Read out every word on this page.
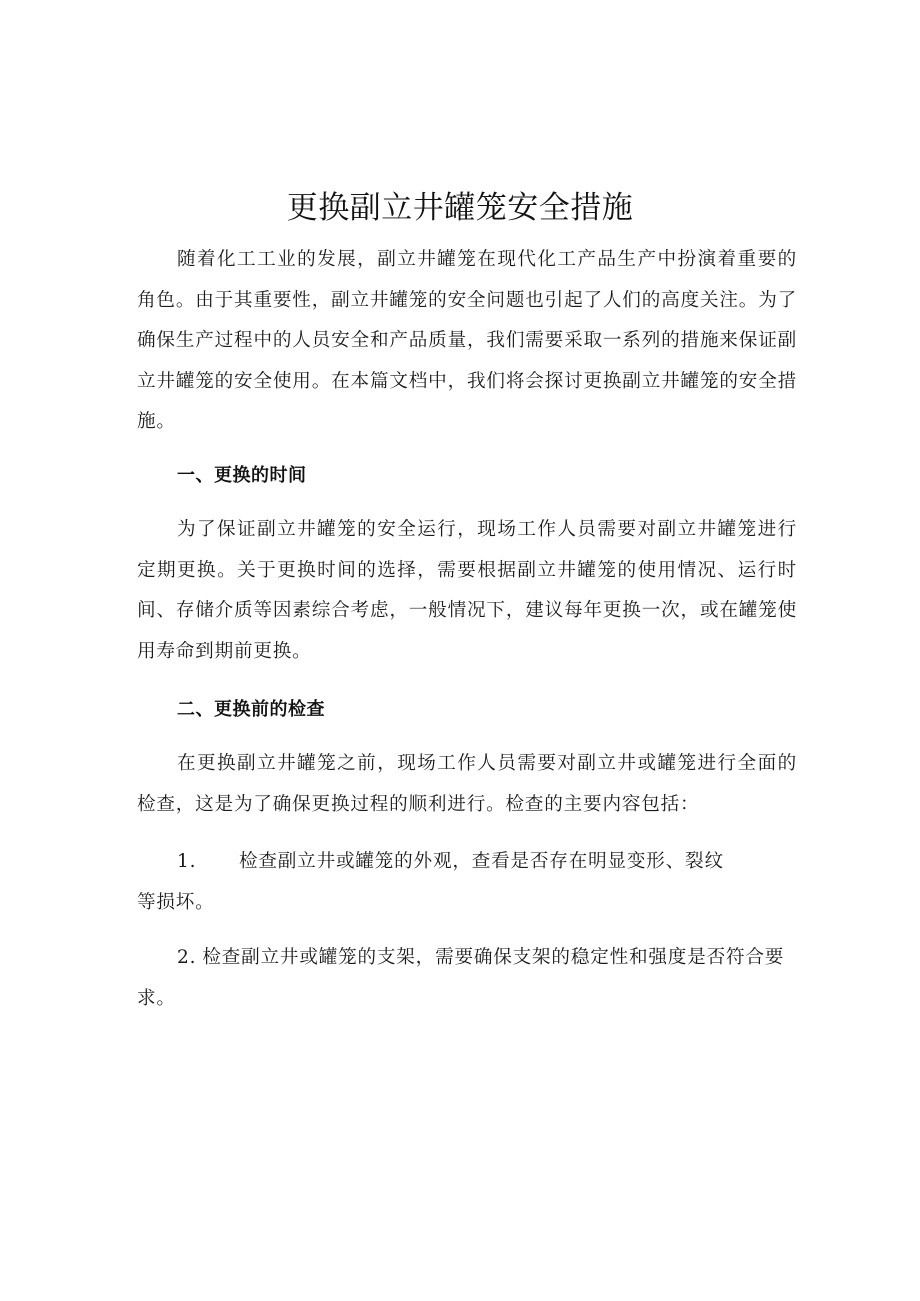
更换副立井罐笼安全措施

随着化工工业的发展，副立井罐笼在现代化工产品生产中扮演着重要的角色。由于其重要性，副立井罐笼的安全问题也引起了人们的高度关注。为了确保生产过程中的人员安全和产品质量，我们需要采取一系列的措施来保证副立井罐笼的安全使用。在本篇文档中，我们将会探讨更换副立井罐笼的安全措施。

一、更换的时间

为了保证副立井罐笼的安全运行，现场工作人员需要对副立井罐笼进行定期更换。关于更换时间的选择，需要根据副立井罐笼的使用情况、运行时间、存储介质等因素综合考虑，一般情况下，建议每年更换一次，或在罐笼使用寿命到期前更换。

二、更换前的检查

在更换副立井罐笼之前，现场工作人员需要对副立井或罐笼进行全面的检查，这是为了确保更换过程的顺利进行。检查的主要内容包括：

1. 检查副立井或罐笼的外观，查看是否存在明显变形、裂纹
等损坏。
2. 检查副立井或罐笼的支架，需要确保支架的稳定性和强度是否符合要求。
